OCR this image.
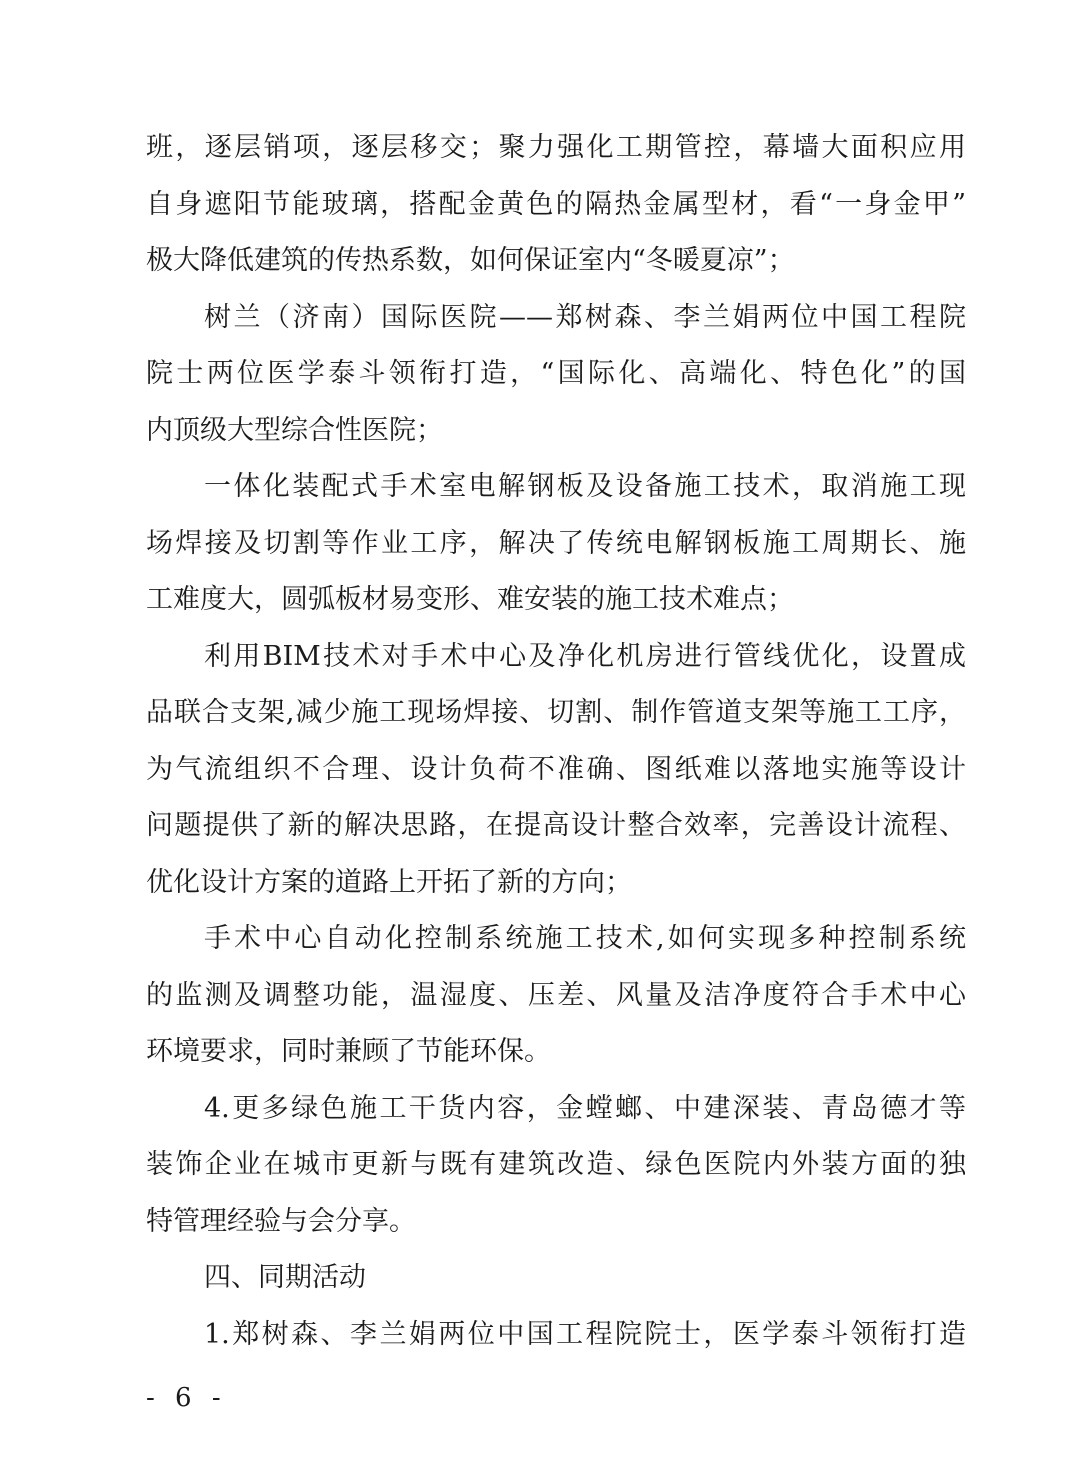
班，逐层销项，逐层移交；聚力强化工期管控，幕墙大面积应用
自身遮阳节能玻璃，搭配金黄色的隔热金属型材，看“一身金甲”
极大降低建筑的传热系数，如何保证室内“冬暖夏凉”；
树兰（济南）国际医院——郑树森、李兰娟两位中国工程院
院士两位医学泰斗领衔打造，“国际化、高端化、特色化”的国
内顶级大型综合性医院；
一体化装配式手术室电解钢板及设备施工技术，取消施工现
场焊接及切割等作业工序，解决了传统电解钢板施工周期长、施
工难度大，圆弧板材易变形、难安装的施工技术难点；
利用BIM技术对手术中心及净化机房进行管线优化，设置成
品联合支架,减少施工现场焊接、切割、制作管道支架等施工工序，
为气流组织不合理、设计负荷不准确、图纸难以落地实施等设计
问题提供了新的解决思路，在提高设计整合效率，完善设计流程、
优化设计方案的道路上开拓了新的方向；
手术中心自动化控制系统施工技术,如何实现多种控制系统
的监测及调整功能，温湿度、压差、风量及洁净度符合手术中心
环境要求，同时兼顾了节能环保。
4.更多绿色施工干货内容，金螳螂、中建深装、青岛德才等
装饰企业在城市更新与既有建筑改造、绿色医院内外装方面的独
特管理经验与会分享。
四、同期活动
1.郑树森、李兰娟两位中国工程院院士，医学泰斗领衔打造
- 6 -
